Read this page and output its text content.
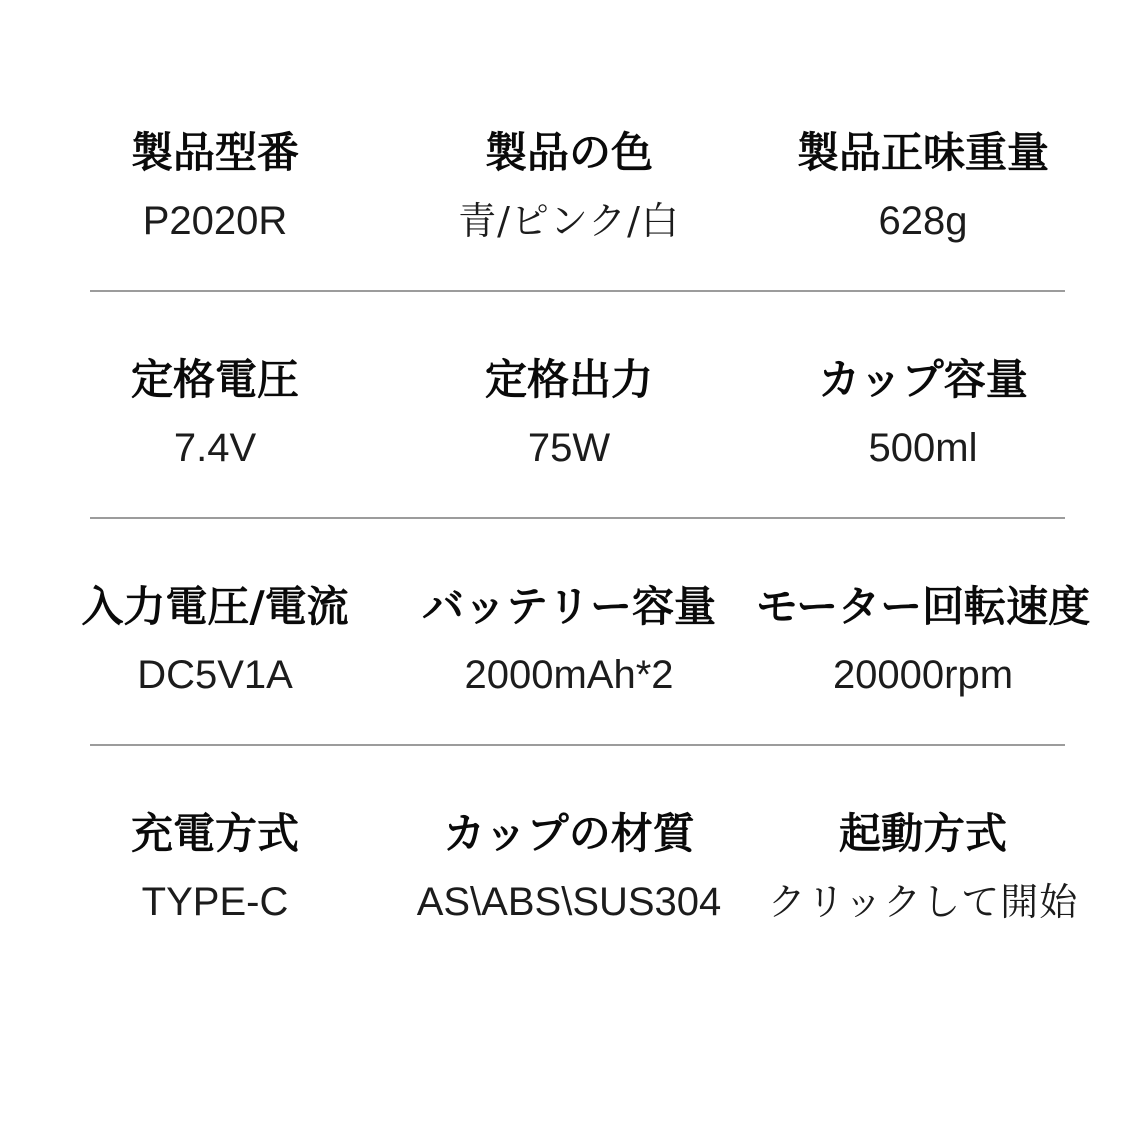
製品型番
P2020R
製品の色
青/ピンク/白
製品正味重量
628g
定格電圧
7.4V
定格出力
75W
カップ容量
500ml
入力電圧/電流
DC5V1A
バッテリー容量
2000mAh*2
モーター回転速度
20000rpm
充電方式
TYPE-C
カップの材質
AS\ABS\SUS304
起動方式
クリックして開始
